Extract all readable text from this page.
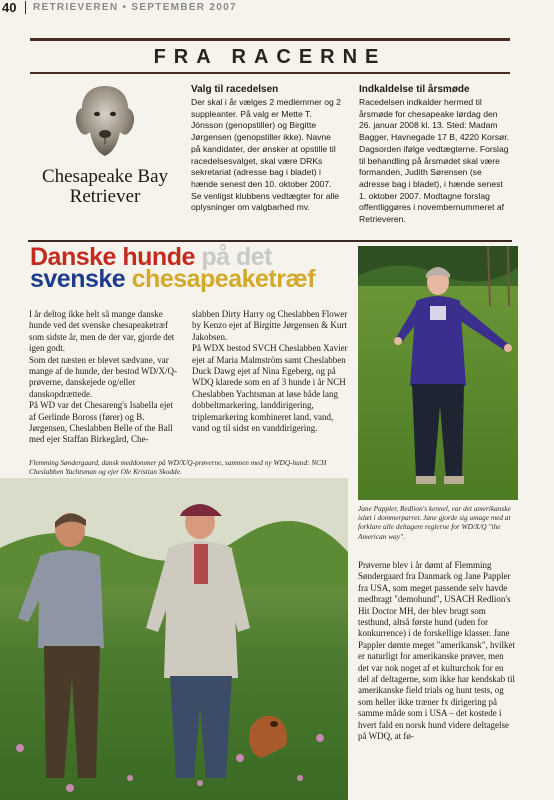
40 RETRIEVEREN • SEPTEMBER 2007
FRA RACERNE
Chesapeake Bay
Retriever
Valg til racedelsen

Der skal i år vælges 2 medlemmer og 2 suppleanter. På valg er Mette T. Jónsson (genopstiller) og Birgitte Jørgensen (genopstiller ikke). Navne på kandidater, der ønsker at opstille til racedelsesvalget, skal være DRKs sekretariat (adresse bag i bladet) i hænde senest den 10. oktober 2007. Se venligst klubbens vedtægter for alle oplysninger om valgbarhed mv.

Indkaldelse til årsmøde

Racedelsen indkalder hermed til årsmøde for chesapeake lørdag den 26. januar 2008 kl. 13. Sted: Madam Bagger, Havnegade 17 B, 4220 Korsør. Dagsorden ifølge vedtægterne. Forslag til behandling på årsmødet skal være formanden, Judith Sørensen (se adresse bag i bladet), i hænde senest 1. oktober 2007. Modtagne forslag offentliggøres i novembernummeret af Retrieveren.

Danske hunde på det
svenske chesapeaketræf
Jane Pappler, Redlion's kennel, var det amerikanske islæt i dommerparret. Jane gjorde sig umage med at forklare alle deltagere reglerne for WD/X/Q "the American way".

I år deltog ikke helt så mange danske hunde ved det svenske chesapeaketræf som sidste år, men de der var, gjorde det igen godt.

Som det næsten er blevet sædvane, var mange af de hunde, der bestod WD/X/Q-prøverne, danskejede og/eller danskopdrættede.

På WD var det Chesareng's Isabella ejet af Gerlinde Boross (fører) og B. Jørgensen, Cheslabben Belle of the Ball med ejer Staffan Birkegård, Che-

slabben Dirty Harry og Cheslabben Flower by Kenzo ejet af Birgitte Jørgensen & Kurt Jakobsen.

På WDX bestod SVCH Cheslabben Xavier ejet af Maria Malmström samt Cheslabben Duck Dawg ejet af Nina Egeberg, og på WDQ klarede som en af 3 hunde i år NCH Cheslabben Yachtsman at løse både lang dobbeltmarkering, landdirigering, triplemarkering kombineret land, vand, vand og til sidst en vanddirigering.

Flemming Søndergaard, dansk meddommer på WD/X/Q-prøverne, sammen med ny WDQ-hund: NCH Cheslabben Yachtsman og ejer Ole Kristian Skodde.

Prøverne blev i år dømt af Flemming Søndergaard fra Danmark og Jane Pappler fra USA, som meget passende selv havde medbragt "demohund", USACH Redlion's Hit Doctor MH, der blev brugt som testhund, altså første hund (uden for konkurrence) i de forskellige klasser. Jane Pappler dømte meget "amerikansk", hvilket er naturligt for amerikanske prøver, men det var nok noget af et kulturchok for en del af deltagerne, som ikke har kendskab til amerikanske field trials og hunt tests, og som heller ikke træner fx dirigering på samme måde som i USA – det kostede i hvert fald en norsk hund videre deltagelse på WDQ, at fø-
